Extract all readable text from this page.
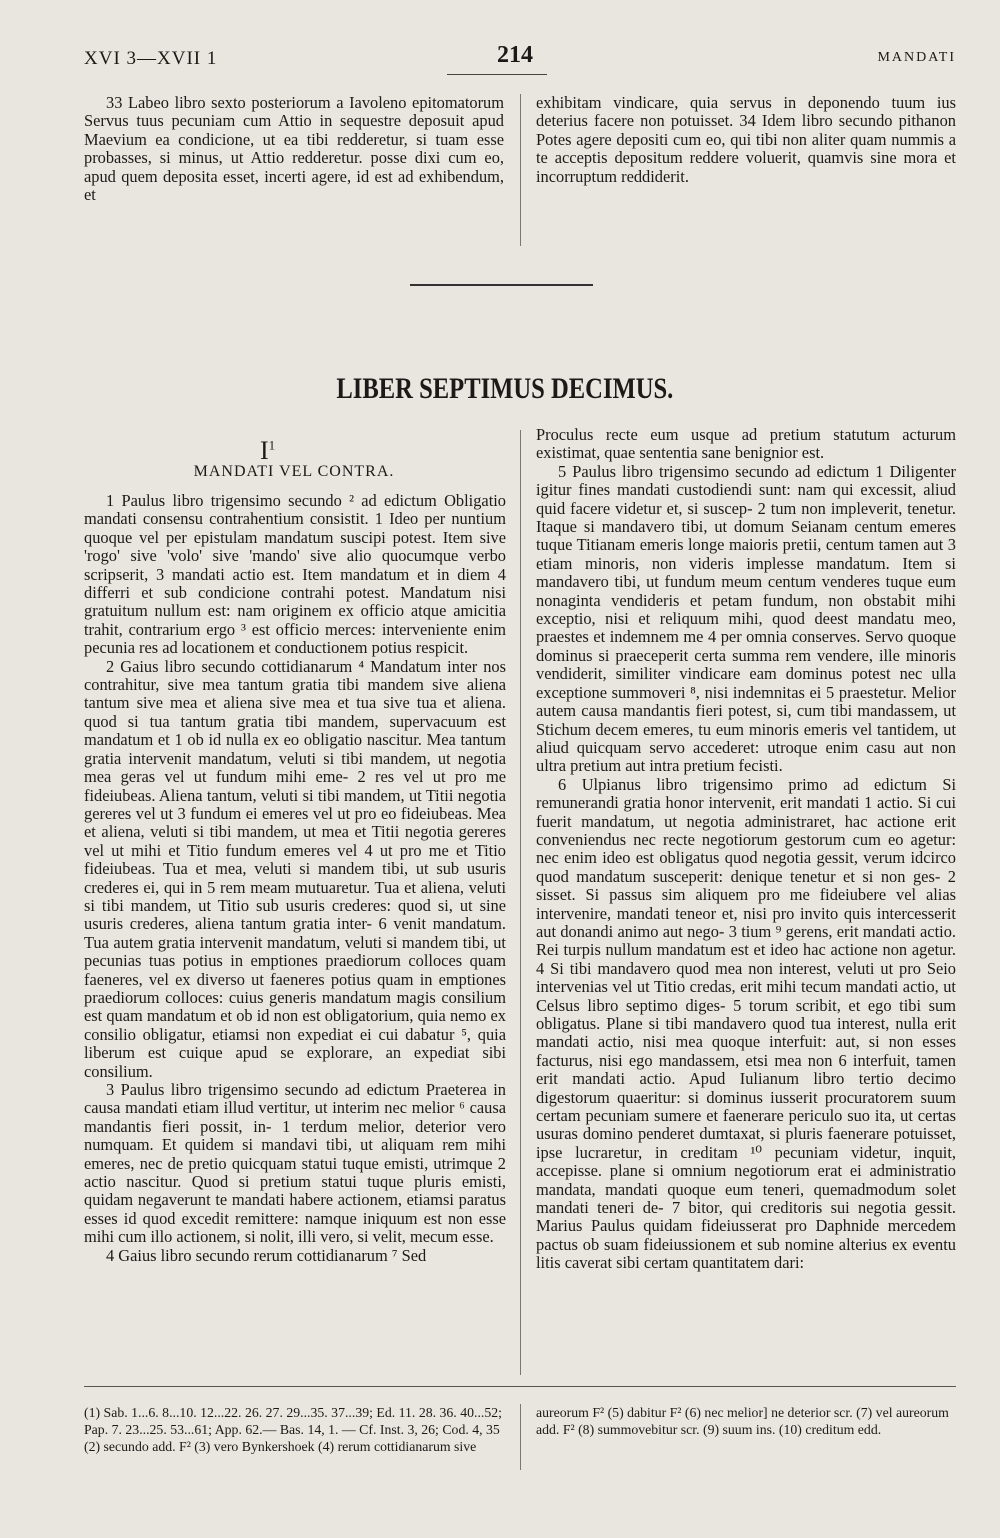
XVI 3—XVII 1	214	MANDATI

33 Labeo libro sexto posteriorum a Iavoleno epitomatorum Servus tuus pecuniam cum Attio in sequestre deposuit apud Maevium ea condicione, ut ea tibi redderetur, si tuam esse probasses, si minus, ut Attio redderetur. posse dixi cum eo, apud quem deposita esset, incerti agere, id est ad exhibendum, et

exhibitam vindicare, quia servus in deponendo tuum ius deterius facere non potuisset. 34 Idem libro secundo pithanon Potes agere depositi cum eo, qui tibi non aliter quam nummis a te acceptis depositum reddere voluerit, quamvis sine mora et incorruptum reddiderit.

LIBER SEPTIMUS DECIMUS.
$I^1$
MANDATI VEL CONTRA.

1 Paulus libro trigensimo secundo ² ad edictum Obligatio mandati consensu contrahentium consistit. 1 Ideo per nuntium quoque vel per epistulam mandatum suscipi potest. Item sive 'rogo' sive 'volo' sive 'mando' sive alio quocumque verbo scripserit, 3 mandati actio est. Item mandatum et in diem 4 differri et sub condicione contrahi potest. Mandatum nisi gratuitum nullum est: nam originem ex officio atque amicitia trahit, contrarium ergo ³ est officio merces: interveniente enim pecunia res ad locationem et conductionem potius respicit.

2 Gaius libro secundo cottidianarum ⁴ Mandatum inter nos contrahitur, sive mea tantum gratia tibi mandem sive aliena tantum sive mea et aliena sive mea et tua sive tua et aliena. quod si tua tantum gratia tibi mandem, supervacuum est mandatum et 1 ob id nulla ex eo obligatio nascitur. Mea tantum gratia intervenit mandatum, veluti si tibi mandem, ut negotia mea geras vel ut fundum mihi eme- 2 res vel ut pro me fideiubeas. Aliena tantum, veluti si tibi mandem, ut Titii negotia gereres vel ut 3 fundum ei emeres vel ut pro eo fideiubeas. Mea et aliena, veluti si tibi mandem, ut mea et Titii negotia gereres vel ut mihi et Titio fundum emeres vel 4 ut pro me et Titio fideiubeas. Tua et mea, veluti si mandem tibi, ut sub usuris crederes ei, qui in 5 rem meam mutuaretur. Tua et aliena, veluti si tibi mandem, ut Titio sub usuris crederes: quod si, ut sine usuris crederes, aliena tantum gratia inter- 6 venit mandatum. Tua autem gratia intervenit mandatum, veluti si mandem tibi, ut pecunias tuas potius in emptiones praediorum colloces quam faeneres, vel ex diverso ut faeneres potius quam in emptiones praediorum colloces: cuius generis mandatum magis consilium est quam mandatum et ob id non est obligatorium, quia nemo ex consilio obligatur, etiamsi non expediat ei cui dabatur ⁵, quia liberum est cuique apud se explorare, an expediat sibi consilium.

3 Paulus libro trigensimo secundo ad edictum Praeterea in causa mandati etiam illud vertitur, ut interim nec melior ⁶ causa mandantis fieri possit, in- 1 terdum melior, deterior vero numquam. Et quidem si mandavi tibi, ut aliquam rem mihi emeres, nec de pretio quicquam statui tuque emisti, utrimque 2 actio nascitur. Quod si pretium statui tuque pluris emisti, quidam negaverunt te mandati habere actionem, etiamsi paratus esses id quod excedit remittere: namque iniquum est non esse mihi cum illo actionem, si nolit, illi vero, si velit, mecum esse.

4 Gaius libro secundo rerum cottidianarum ⁷ Sed

Proculus recte eum usque ad pretium statutum acturum existimat, quae sententia sane benignior est.

5 Paulus libro trigensimo secundo ad edictum 1 Diligenter igitur fines mandati custodiendi sunt: nam qui excessit, aliud quid facere videtur et, si suscep- 2 tum non impleverit, tenetur. Itaque si mandavero tibi, ut domum Seianam centum emeres tuque Titianam emeris longe maioris pretii, centum tamen aut 3 etiam minoris, non videris implesse mandatum. Item si mandavero tibi, ut fundum meum centum venderes tuque eum nonaginta vendideris et petam fundum, non obstabit mihi exceptio, nisi et reliquum mihi, quod deest mandatu meo, praestes et indemnem me 4 per omnia conserves. Servo quoque dominus si praeceperit certa summa rem vendere, ille minoris vendiderit, similiter vindicare eam dominus potest nec ulla exceptione summoveri ⁸, nisi indemnitas ei 5 praestetur. Melior autem causa mandantis fieri potest, si, cum tibi mandassem, ut Stichum decem emeres, tu eum minoris emeris vel tantidem, ut aliud quicquam servo accederet: utroque enim casu aut non ultra pretium aut intra pretium fecisti.

6 Ulpianus libro trigensimo primo ad edictum Si remunerandi gratia honor intervenit, erit mandati 1 actio. Si cui fuerit mandatum, ut negotia administraret, hac actione erit conveniendus nec recte negotiorum gestorum cum eo agetur: nec enim ideo est obligatus quod negotia gessit, verum idcirco quod mandatum susceperit: denique tenetur et si non ges- 2 sisset. Si passus sim aliquem pro me fideiubere vel alias intervenire, mandati teneor et, nisi pro invito quis intercesserit aut donandi animo aut nego- 3 tium ⁹ gerens, erit mandati actio. Rei turpis nullum mandatum est et ideo hac actione non agetur. 4 Si tibi mandavero quod mea non interest, veluti ut pro Seio intervenias vel ut Titio credas, erit mihi tecum mandati actio, ut Celsus libro septimo diges- 5 torum scribit, et ego tibi sum obligatus. Plane si tibi mandavero quod tua interest, nulla erit mandati actio, nisi mea quoque interfuit: aut, si non esses facturus, nisi ego mandassem, etsi mea non 6 interfuit, tamen erit mandati actio. Apud Iulianum libro tertio decimo digestorum quaeritur: si dominus iusserit procuratorem suum certam pecuniam sumere et faenerare periculo suo ita, ut certas usuras domino penderet dumtaxat, si pluris faenerare potuisset, ipse lucraretur, in creditam ¹⁰ pecuniam videtur, inquit, accepisse. plane si omnium negotiorum erat ei administratio mandata, mandati quoque eum teneri, quemadmodum solet mandati teneri de- 7 bitor, qui creditoris sui negotia gessit. Marius Paulus quidam fideiusserat pro Daphnide mercedem pactus ob suam fideiussionem et sub nomine alterius ex eventu litis caverat sibi certam quantitatem dari:

(1) Sab. 1...6. 8...10. 12...22. 26. 27. 29...35. 37...39; Ed. 11. 28. 36. 40...52; Pap. 7. 23...25. 53...61; App. 62.— Bas. 14, 1. — Cf. Inst. 3, 26; Cod. 4, 35 (2) secundo add. F² (3) vero Bynkershoek (4) rerum cottidianarum sive
aureorum F² (5) dabitur F² (6) nec melior] ne deterior scr. (7) vel aureorum add. F² (8) summovebitur scr. (9) suum ins. (10) creditum edd.
